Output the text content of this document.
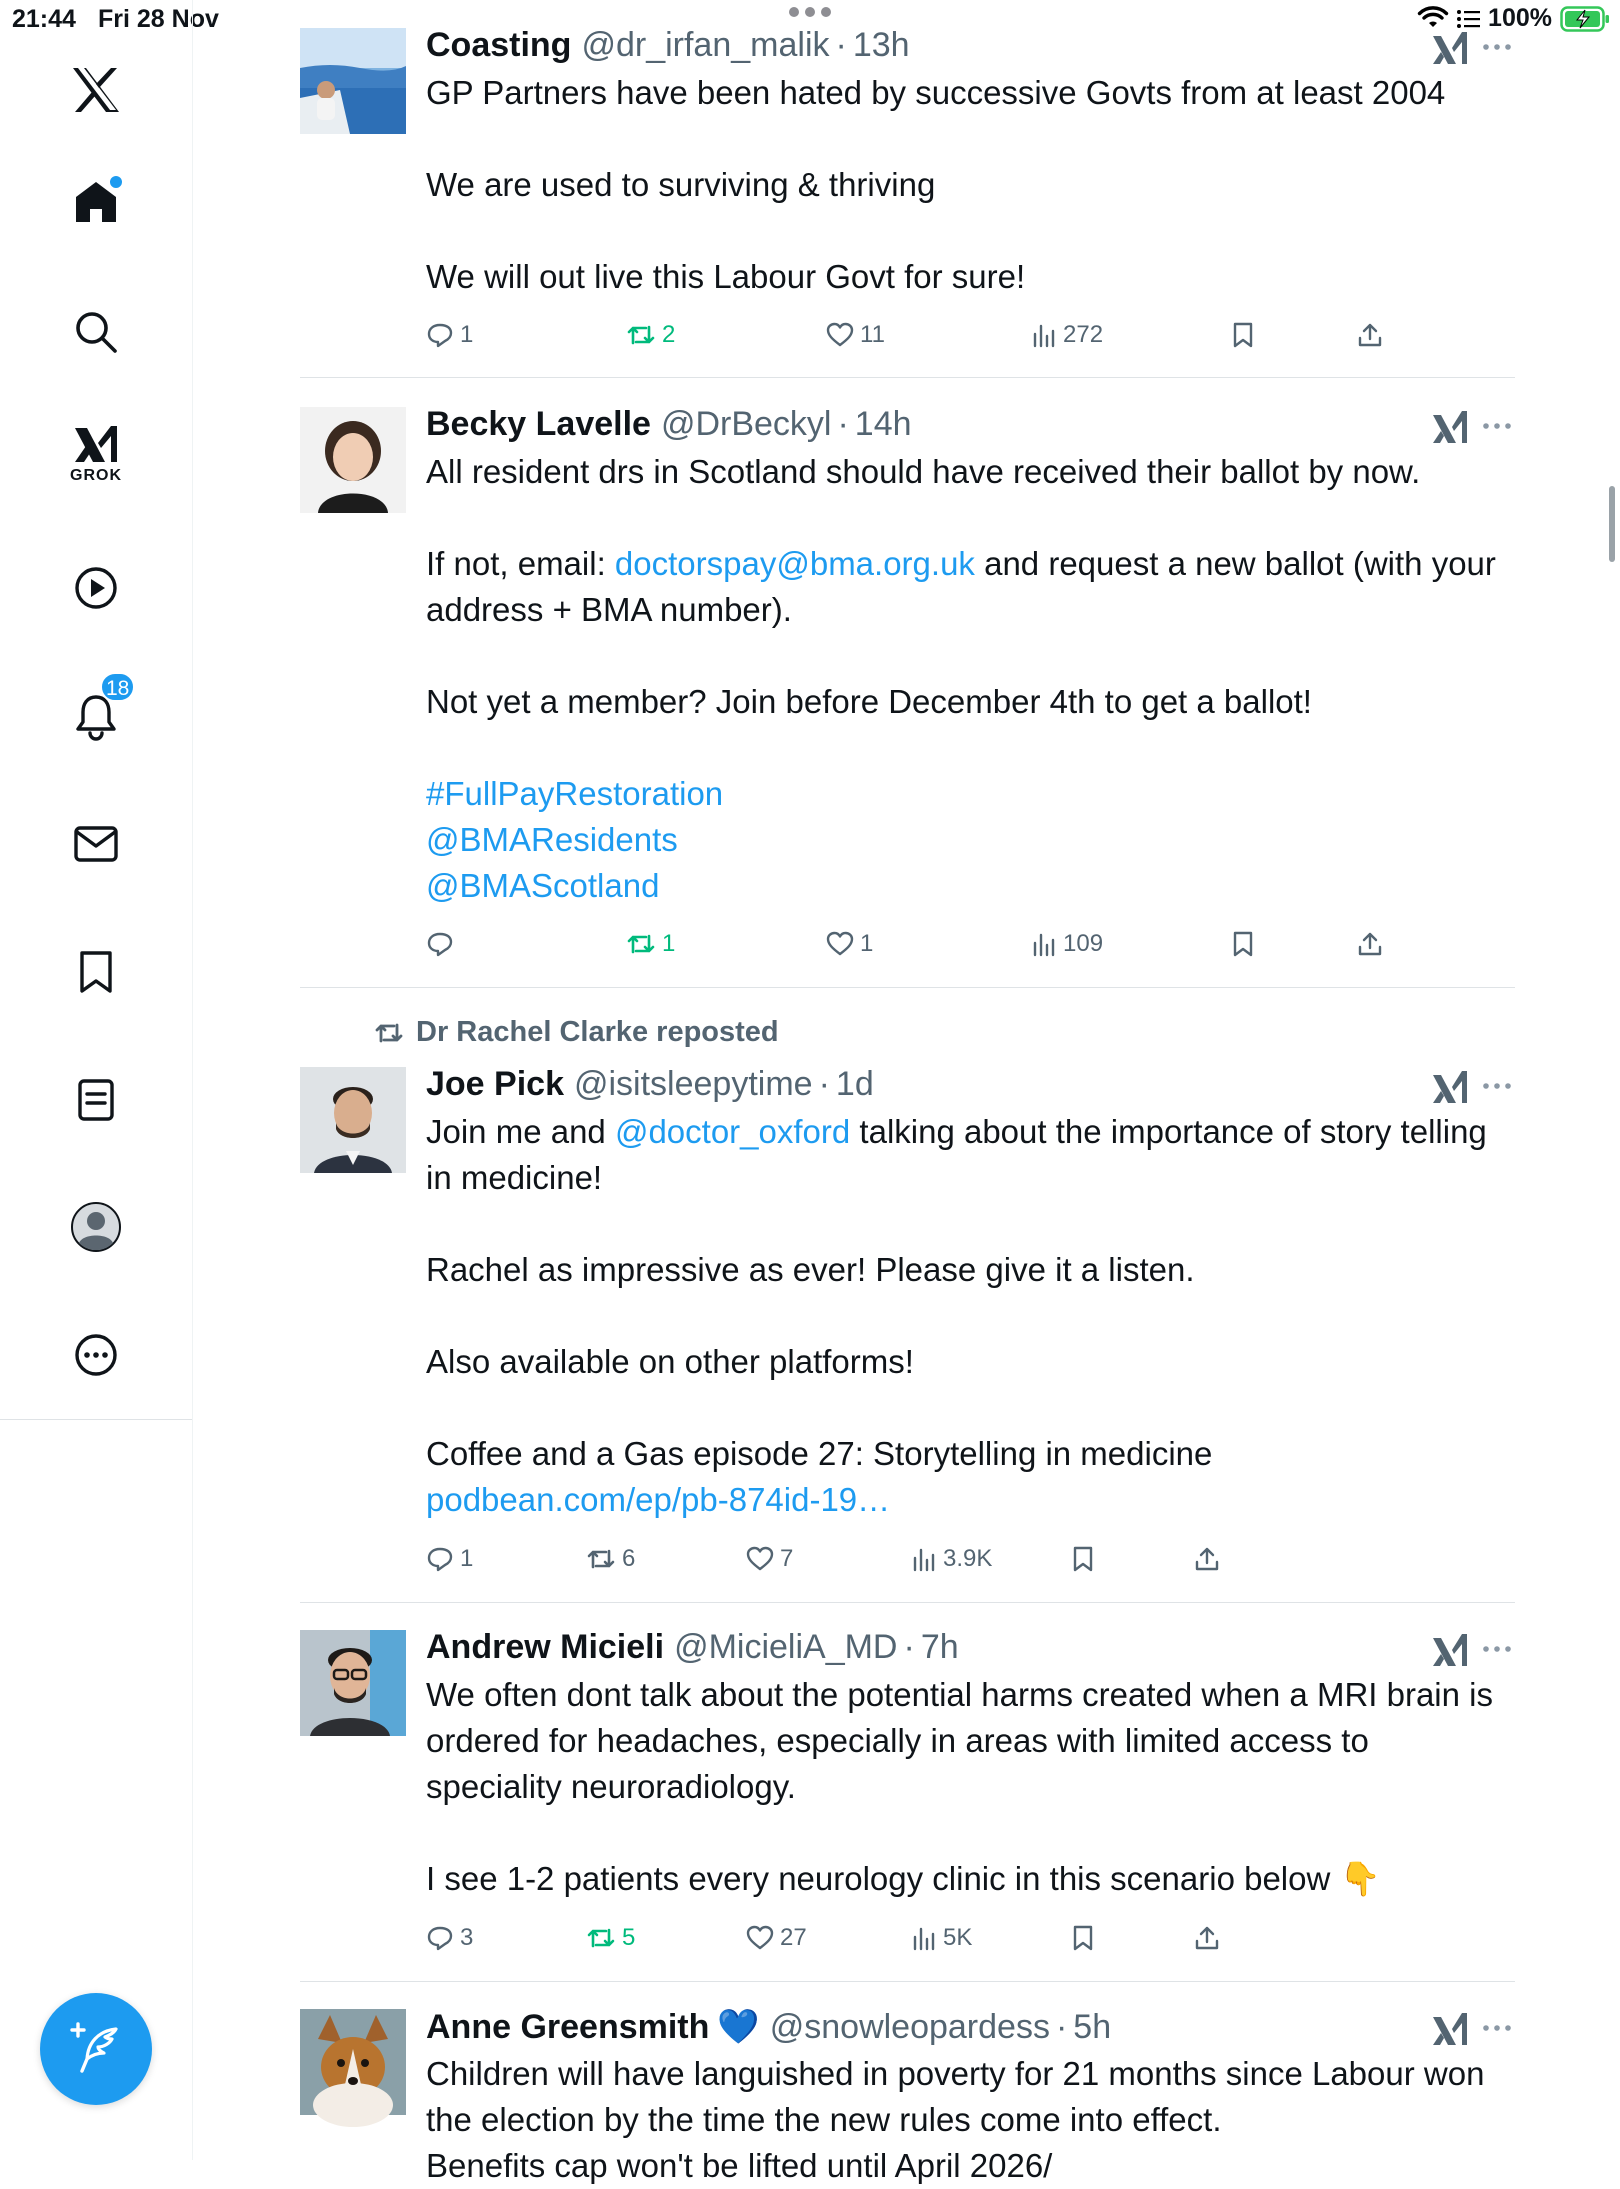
21:44 Fri 28 Nov	100%
GROK
18
Coasting @dr_irfan_malik · 13h

GP Partners have been hated by successive Govts from at least 2004

We are used to surviving & thriving

We will out live this Labour Govt for sure!

1	2	11	272
Becky Lavelle @DrBeckyl · 14h

All resident drs in Scotland should have received their ballot by now.

If not, email: doctorspay@bma.org.uk and request a new ballot (with your address + BMA number).

Not yet a member? Join before December 4th to get a ballot!

#FullPayRestoration

@BMAResidents

@BMAScotland

1	1	109
Dr Rachel Clarke reposted
Joe Pick @isitsleepytime · 1d

Join me and @doctor_oxford talking about the importance of story telling in medicine!

Rachel as impressive as ever! Please give it a listen.

Also available on other platforms!

Coffee and a Gas episode 27: Storytelling in medicine podbean.com/ep/pb-874id-19…

1	6	7	3.9K
Andrew Micieli @MicieliA_MD · 7h

We often dont talk about the potential harms created when a MRI brain is ordered for headaches, especially in areas with limited access to speciality neuroradiology.

I see 1-2 patients every neurology clinic in this scenario below 👇

3	5	27	5K
Anne Greensmith 💙 @snowleopardess · 5h

Children will have languished in poverty for 21 months since Labour won the election by the time the new rules come into effect.

Benefits cap won't be lifted until April 2026/
